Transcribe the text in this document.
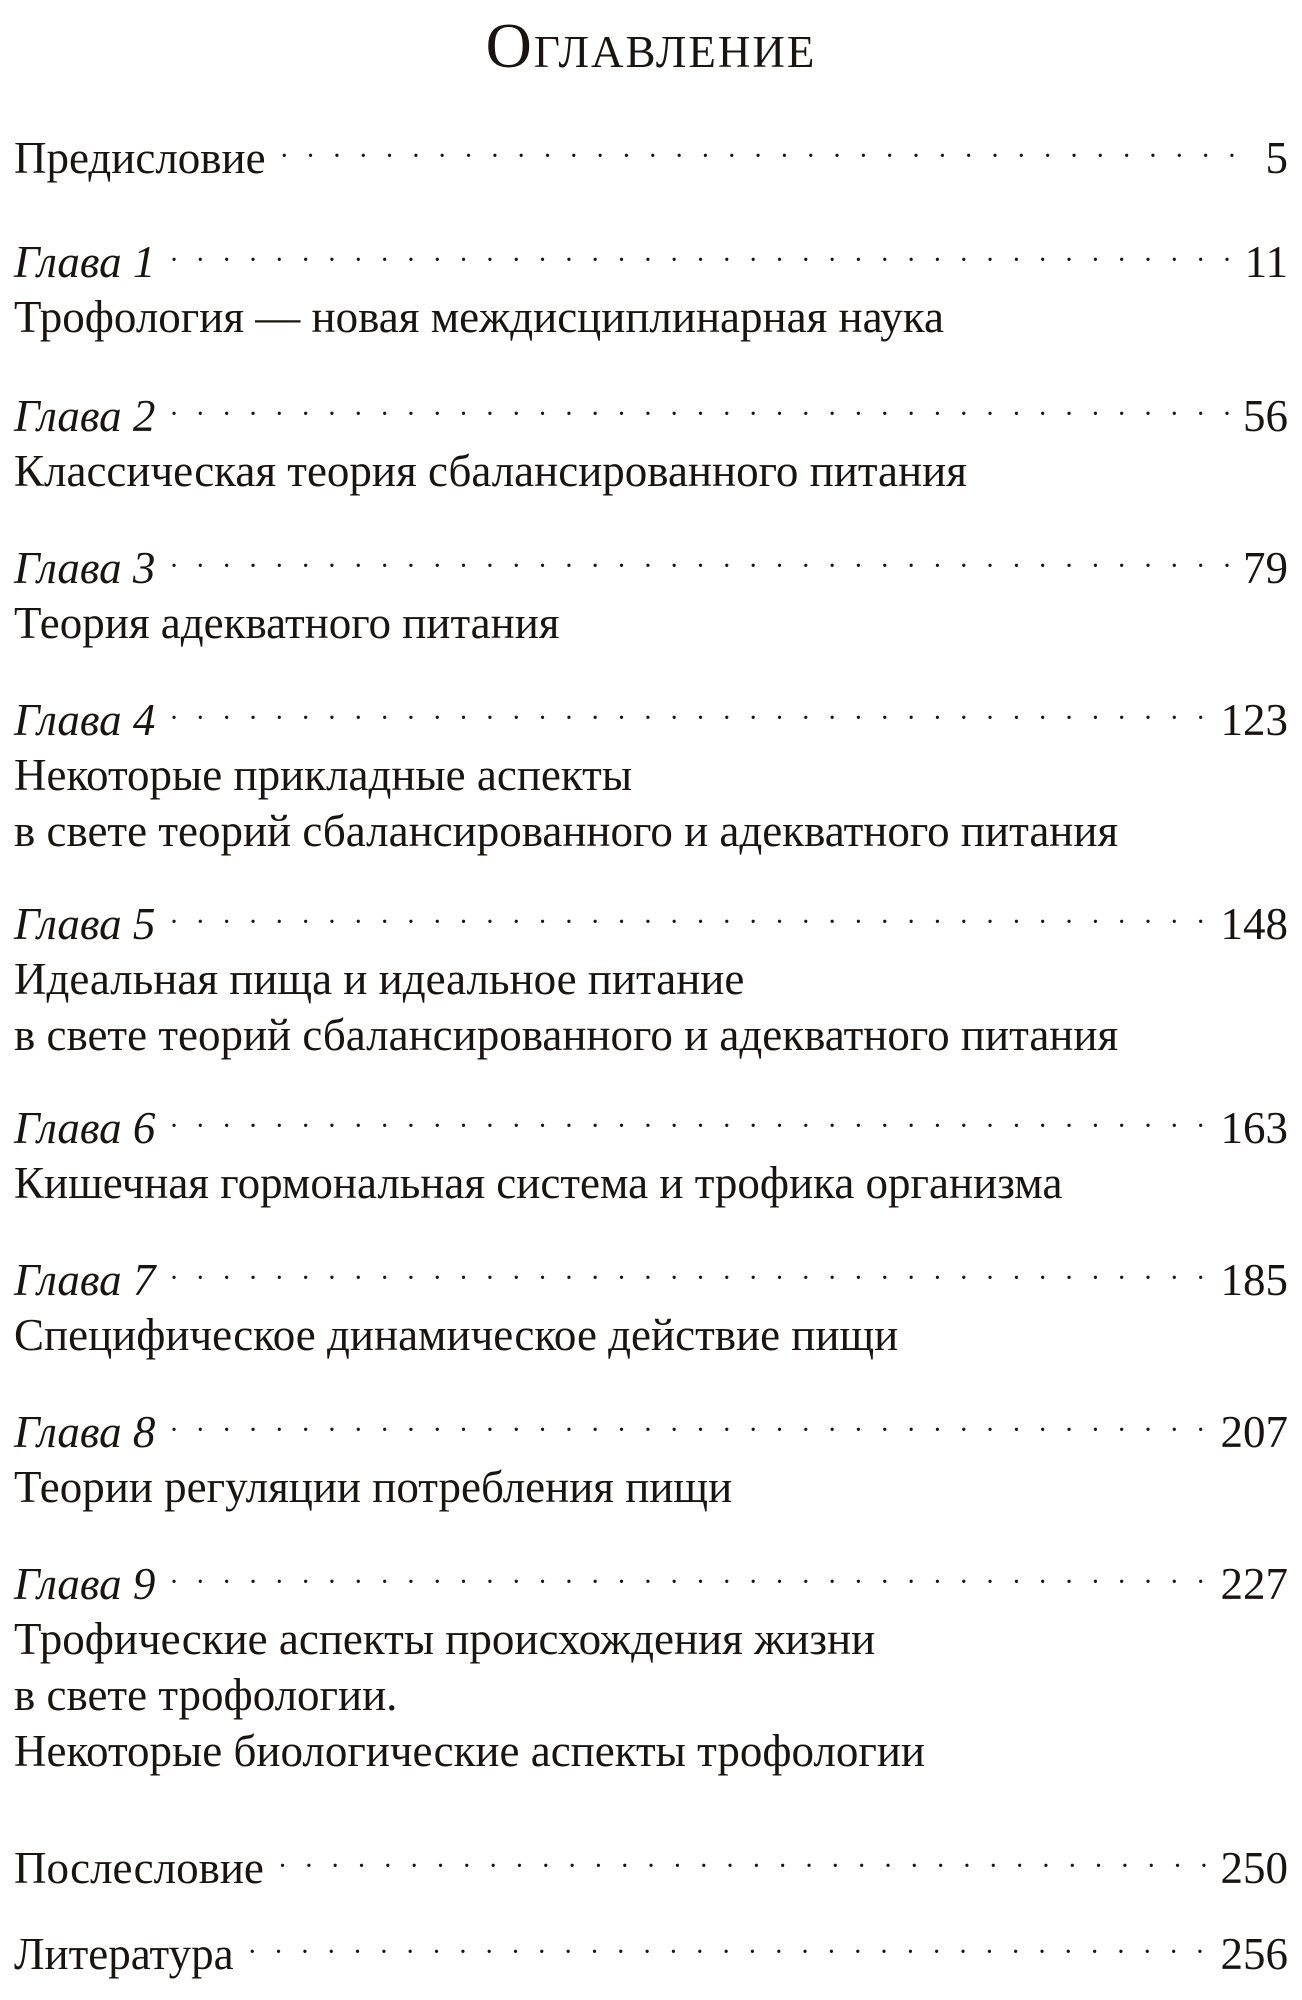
Оглавление
Предисловие · · ·	5
Глава 1 · · ·	11
Трофология — новая междисциплинарная наука
Глава 2 · · ·	56
Классическая теория сбалансированного питания
Глава 3 · · ·	79
Теория адекватного питания
Глава 4 · · ·	123
Некоторые прикладные аспекты
в свете теорий сбалансированного и адекватного питания
Глава 5 · · ·	148
Идеальная пища и идеальное питание
в свете теорий сбалансированного и адекватного питания
Глава 6 · · ·	163
Кишечная гормональная система и трофика организма
Глава 7 · · ·	185
Специфическое динамическое действие пищи
Глава 8 · · ·	207
Теории регуляции потребления пищи
Глава 9 · · ·	227
Трофические аспекты происхождения жизни
в свете трофологии.
Некоторые биологические аспекты трофологии
Послесловие · · ·	250
Литература · · ·	256
